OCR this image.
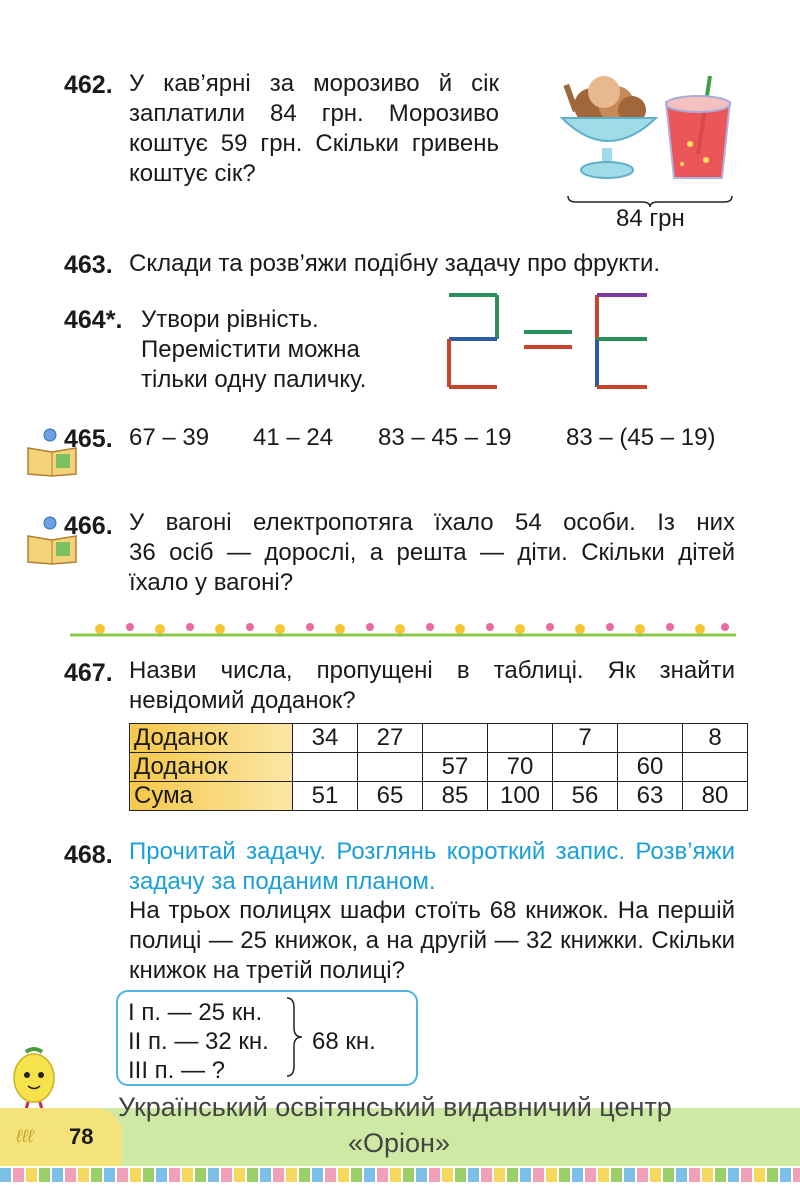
462. У кав’ярні за морозиво й сік
заплатили 84 грн. Морозиво
коштує 59 грн. Скільки гривень
коштує сік?
84 грн
463. Склади та розв’яжи подібну задачу про фрукти.
464*. Утвори рівність.
Перемістити можна
тільки одну паличку.
465. 67 – 39 41 – 24 83 – 45 – 19 83 – (45 – 19)
466. У вагоні електропотяга їхало 54 особи. Із них
36 осіб — дорослі, а решта — діти. Скільки дітей
їхало у вагоні?
467. Назви числа, пропущені в таблиці. Як знайти
невідомий доданок?
Доданок	34	27			7		8
Доданок			57	70		60	
Сума	51	65	85	100	56	63	80
468. Прочитай задачу. Розглянь короткий запис. Розв’яжи
задачу за поданим планом.
На трьох полицях шафи стоїть 68 книжок. На першій
полиці — 25 книжок, а на другій — 32 книжки. Скільки
книжок на третій полиці?
І п. — 25 кн.
ІІ п. — 32 кн.
ІІІ п. — ?
68 кн.
ℓℓℓ 78
Український освітянський видавничий центр
«Оріон»
